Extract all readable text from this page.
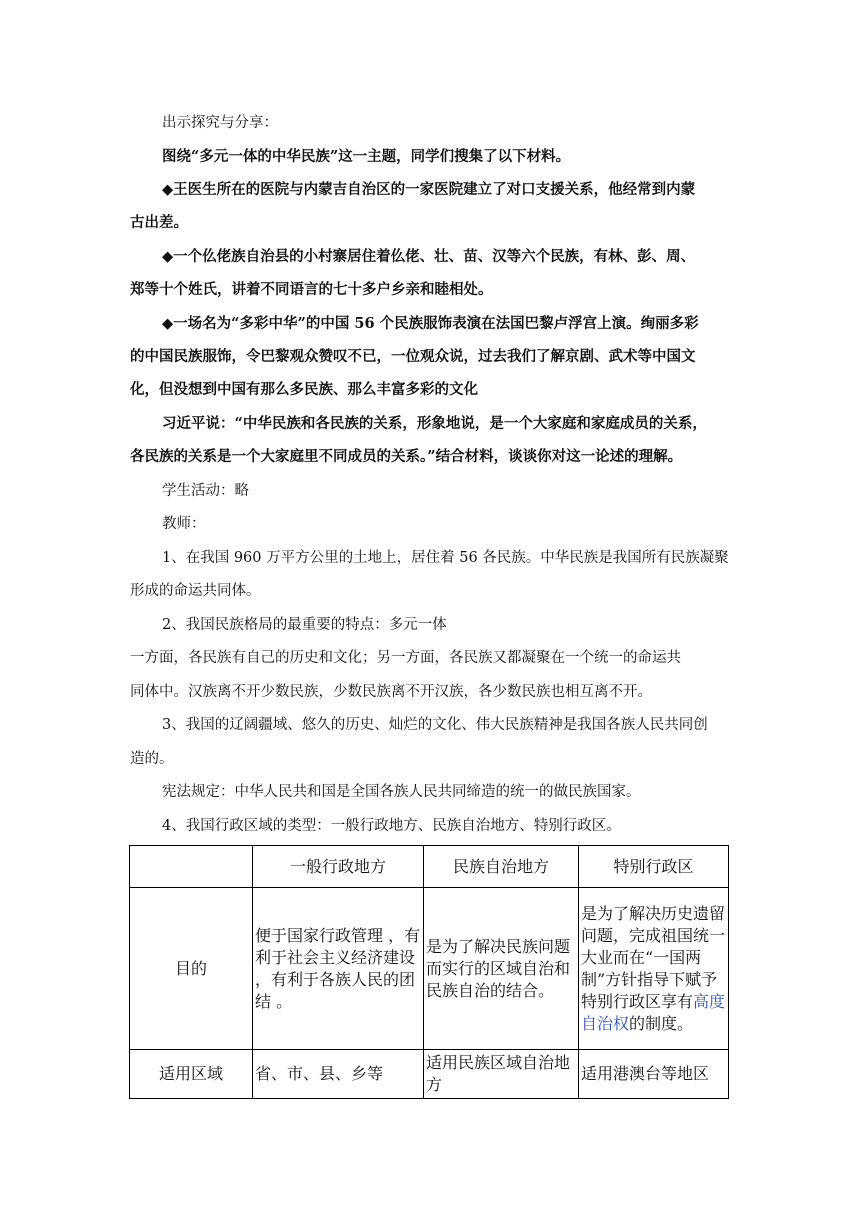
出示探究与分享：
图绕“多元一体的中华民族”这一主题，同学们搜集了以下材料。
◆王医生所在的医院与内蒙吉自治区的一家医院建立了对口支援关系，他经常到内蒙
古出差。
◆一个仫佬族自治县的小村寨居住着仫佬、壮、苗、汉等六个民族，有林、彭、周、
郑等十个姓氏，讲着不同语言的七十多户乡亲和睦相处。
◆一场名为“多彩中华”的中国 56 个民族服饰表演在法国巴黎卢浮宫上演。绚丽多彩
的中国民族服饰，令巴黎观众赞叹不已，一位观众说，过去我们了解京剧、武术等中国文
化，但没想到中国有那么多民族、那么丰富多彩的文化
习近平说：“中华民族和各民族的关系，形象地说，是一个大家庭和家庭成员的关系，
各民族的关系是一个大家庭里不同成员的关系。”结合材料，谈谈你对这一论述的理解。
学生活动：略
教师：
1、在我国 960 万平方公里的土地上，居住着 56 各民族。中华民族是我国所有民族凝聚
形成的命运共同体。
2、我国民族格局的最重要的特点：多元一体
一方面，各民族有自己的历史和文化；另一方面，各民族又都凝聚在一个统一的命运共
同体中。汉族离不开少数民族，少数民族离不开汉族，各少数民族也相互离不开。
3、我国的辽阔疆域、悠久的历史、灿烂的文化、伟大民族精神是我国各族人民共同创
造的。
宪法规定：中华人民共和国是全国各族人民共同缔造的统一的做民族国家。
4、我国行政区域的类型：一般行政地方、民族自治地方、特别行政区。
	一般行政地方	民族自治地方	特别行政区
目的	便于国家行政管理 ，有利于社会主义经济建设 ，有利于各族人民的团结 。	是为了解决民族问题而实行的区域自治和民族自治的结合。	是为了解决历史遗留问题，完成祖国统一大业而在“一国两制”方针指导下赋予特别行政区享有高度自治权的制度。
适用区域	省、市、县、乡等	适用民族区域自治地方	适用港澳台等地区
